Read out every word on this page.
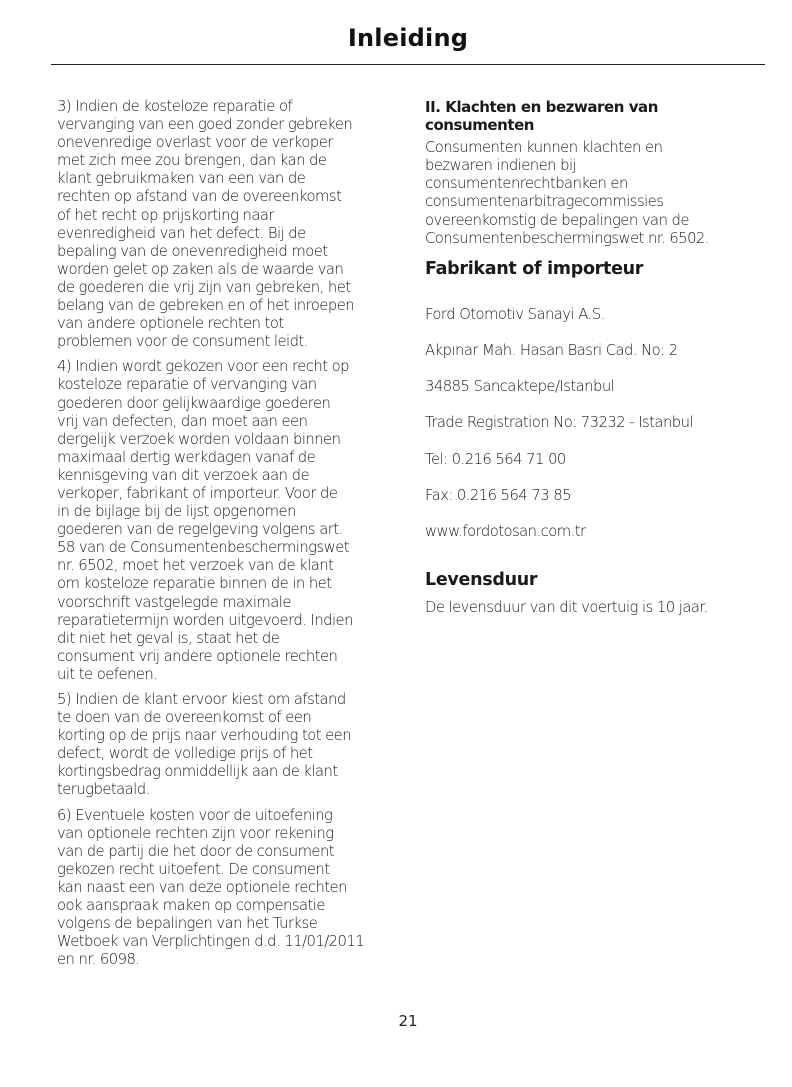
Inleiding

3) Indien de kosteloze reparatie of
vervanging van een goed zonder gebreken
onevenredige overlast voor de verkoper
met zich mee zou brengen, dan kan de
klant gebruikmaken van een van de
rechten op afstand van de overeenkomst
of het recht op prijskorting naar
evenredigheid van het defect. Bij de
bepaling van de onevenredigheid moet
worden gelet op zaken als de waarde van
de goederen die vrij zijn van gebreken, het
belang van de gebreken en of het inroepen
van andere optionele rechten tot
problemen voor de consument leidt.

4) Indien wordt gekozen voor een recht op
kosteloze reparatie of vervanging van
goederen door gelijkwaardige goederen
vrij van defecten, dan moet aan een
dergelijk verzoek worden voldaan binnen
maximaal dertig werkdagen vanaf de
kennisgeving van dit verzoek aan de
verkoper, fabrikant of importeur. Voor de
in de bijlage bij de lijst opgenomen
goederen van de regelgeving volgens art.
58 van de Consumentenbeschermingswet
nr. 6502, moet het verzoek van de klant
om kosteloze reparatie binnen de in het
voorschrift vastgelegde maximale
reparatietermijn worden uitgevoerd. Indien
dit niet het geval is, staat het de
consument vrij andere optionele rechten
uit te oefenen.

5) Indien de klant ervoor kiest om afstand
te doen van de overeenkomst of een
korting op de prijs naar verhouding tot een
defect, wordt de volledige prijs of het
kortingsbedrag onmiddellijk aan de klant
terugbetaald.

6) Eventuele kosten voor de uitoefening
van optionele rechten zijn voor rekening
van de partij die het door de consument
gekozen recht uitoefent. De consument
kan naast een van deze optionele rechten
ook aanspraak maken op compensatie
volgens de bepalingen van het Turkse
Wetboek van Verplichtingen d.d. 11/01/2011
en nr. 6098.

II. Klachten en bezwaren van
consumenten

Consumenten kunnen klachten en
bezwaren indienen bij
consumentenrechtbanken en
consumentenarbitragecommissies
overeenkomstig de bepalingen van de
Consumentenbeschermingswet nr. 6502.

Fabrikant of importeur

Ford Otomotiv Sanayi A.S.

Akpınar Mah. Hasan Basri Cad. No: 2

34885 Sancaktepe/Istanbul

Trade Registration No: 73232 - Istanbul

Tel: 0.216 564 71 00

Fax: 0.216 564 73 85

www.fordotosan.com.tr

Levensduur

De levensduur van dit voertuig is 10 jaar.

21
